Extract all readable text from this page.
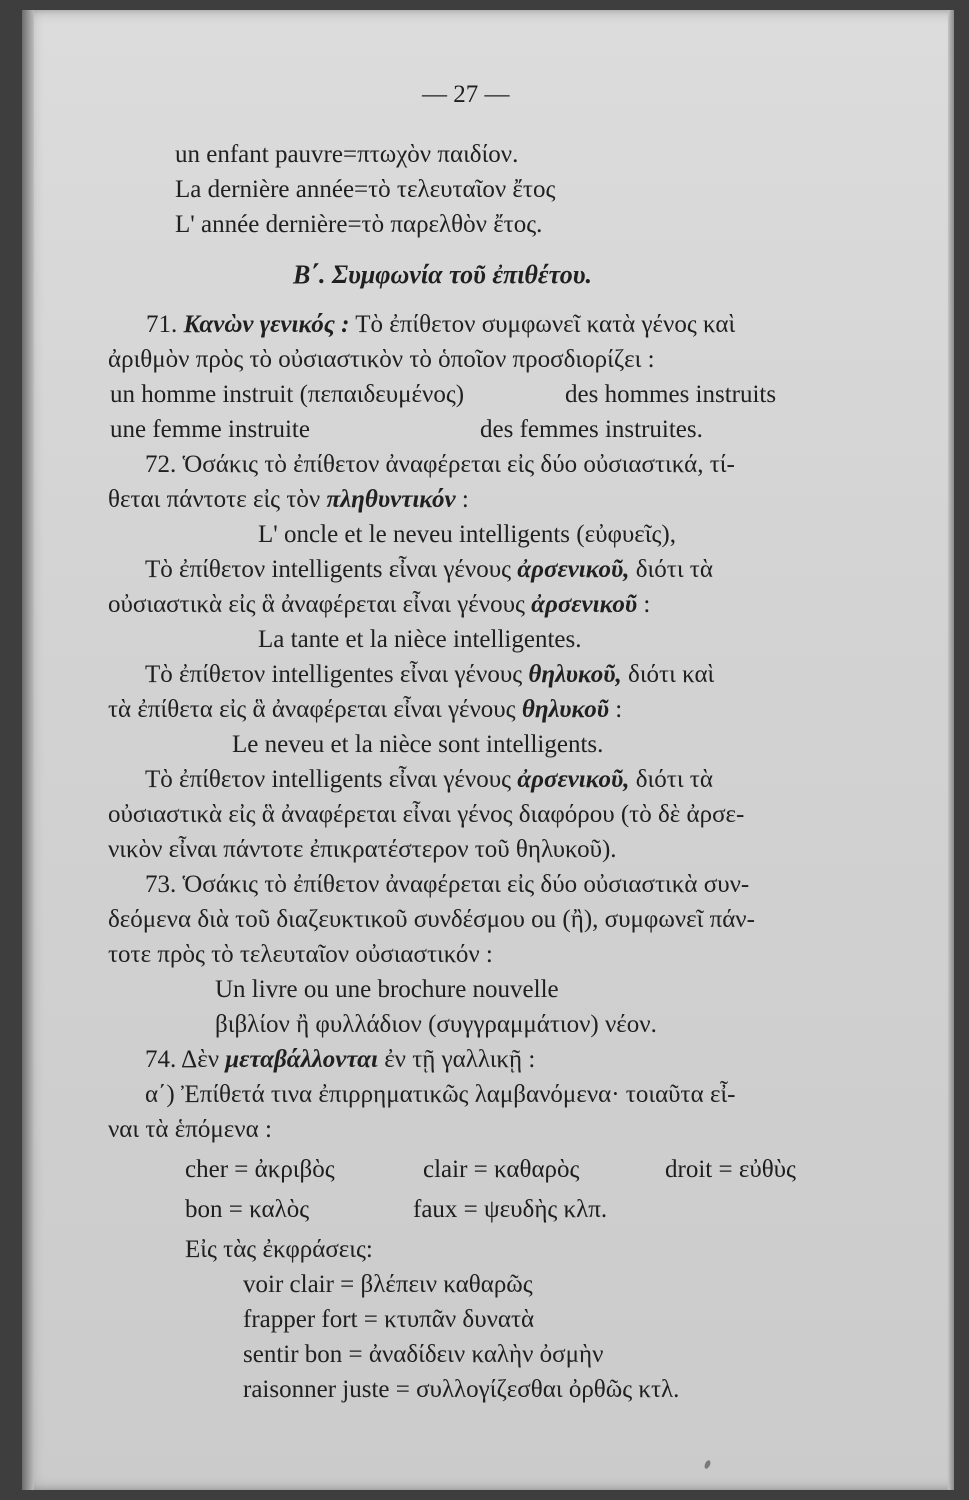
— 27 —
un enfant pauvre=πτωχὸν παιδίον.
La dernière année=τὸ τελευταῖον ἔτος
L' année dernière=τὸ παρελθὸν ἔτος.
Β΄. Συμφωνία τοῦ ἐπιθέτου.
71. Κανὼν γενικός : Τὸ ἐπίθετον συμφωνεῖ κατὰ γένος καὶ
ἀριθμὸν πρὸς τὸ οὐσιαστικὸν τὸ ὁποῖον προσδιορίζει :
un homme instruit (πεπαιδευμένος)	des hommes instruits
une femme instruite	des femmes instruites.
72. Ὁσάκις τὸ ἐπίθετον ἀναφέρεται εἰς δύο οὐσιαστικά, τί-
θεται πάντοτε εἰς τὸν πληθυντικόν :
L' oncle et le neveu intelligents (εὐφυεῖς),
Τὸ ἐπίθετον intelligents εἶναι γένους ἀρσενικοῦ, διότι τὰ
οὐσιαστικὰ εἰς ἃ ἀναφέρεται εἶναι γένους ἀρσενικοῦ :
La tante et la nièce intelligentes.
Τὸ ἐπίθετον intelligentes εἶναι γένους θηλυκοῦ, διότι καὶ
τὰ ἐπίθετα εἰς ἃ ἀναφέρεται εἶναι γένους θηλυκοῦ :
Le neveu et la nièce sont intelligents.
Τὸ ἐπίθετον intelligents εἶναι γένους ἀρσενικοῦ, διότι τὰ
οὐσιαστικὰ εἰς ἃ ἀναφέρεται εἶναι γένος διαφόρου (τὸ δὲ ἀρσε-
νικὸν εἶναι πάντοτε ἐπικρατέστερον τοῦ θηλυκοῦ).
73. Ὁσάκις τὸ ἐπίθετον ἀναφέρεται εἰς δύο οὐσιαστικὰ συν-
δεόμενα διὰ τοῦ διαζευκτικοῦ συνδέσμου ou (ἢ), συμφωνεῖ πάν-
τοτε πρὸς τὸ τελευταῖον οὐσιαστικόν :
Un livre ou une brochure nouvelle
βιβλίον ἢ φυλλάδιον (συγγραμμάτιον) νέον.
74. Δὲν μεταβάλλονται ἐν τῇ γαλλικῇ :
α΄) Ἐπίθετά τινα ἐπιρρηματικῶς λαμβανόμενα· τοιαῦτα εἶ-
ναι τὰ ἑπόμενα :
cher = ἀκριβὸς	clair = καθαρὸς	droit = εὐθὺς
bon = καλὸς	faux = ψευδὴς κλπ.
Εἰς τὰς ἐκφράσεις:
voir clair = βλέπειν καθαρῶς
frapper fort = κτυπᾶν δυνατὰ
sentir bon = ἀναδίδειν καλὴν ὀσμὴν
raisonner juste = συλλογίζεσθαι ὀρθῶς κτλ.
